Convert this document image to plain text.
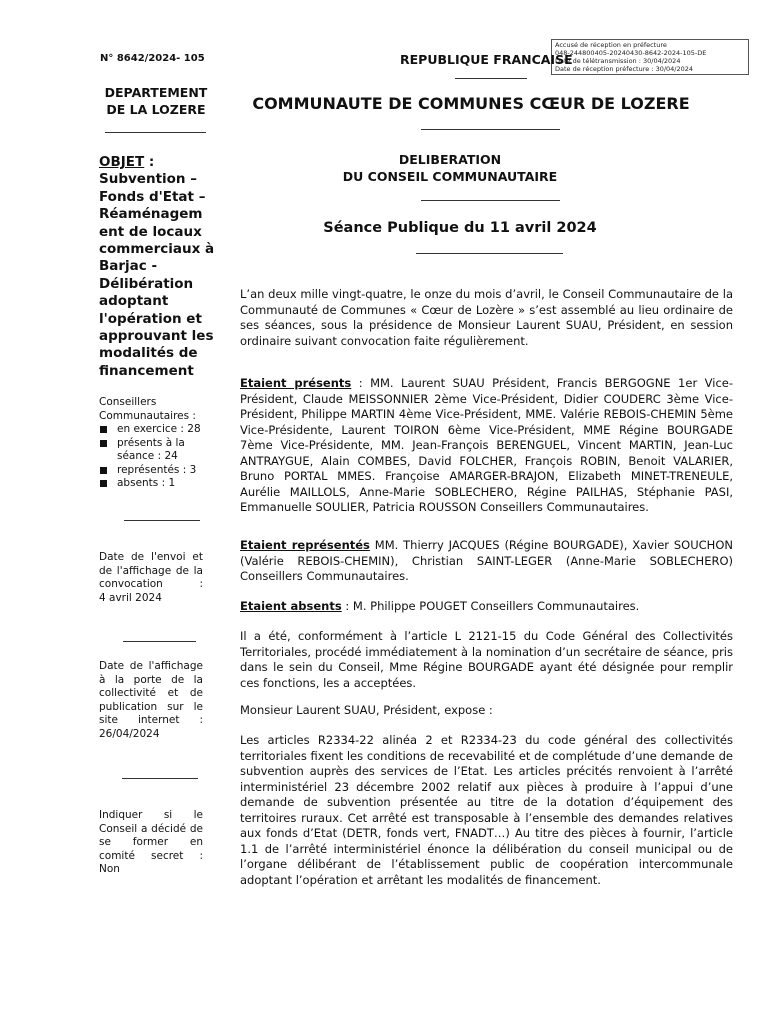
Accusé de réception en préfecture
048-244800405-20240430-8642-2024-105-DE
Date de télétransmission : 30/04/2024
Date de réception préfecture : 30/04/2024
N° 8642/2024- 105	REPUBLIQUE FRANCAISE
DEPARTEMENT
DE LA LOZERE	COMMUNAUTE DE COMMUNES CŒUR DE LOZERE
DELIBERATION
DU CONSEIL COMMUNAUTAIRE
Séance Publique du 11 avril 2024
OBJET : Subvention – Fonds d'Etat – Réaménagem ent de locaux commerciaux à Barjac - Délibération adoptant l'opération et approuvant les modalités de financement
Conseillers Communautaires :
en exercice : 28
présents à la séance : 24
représentés : 3
absents : 1
Date de l'envoi et de l'affichage de la convocation :
4 avril 2024
Date de l'affichage à la porte de la collectivité et de publication sur le site internet :
26/04/2024
Indiquer si le Conseil a décidé de se former en comité secret :
Non

L’an deux mille vingt-quatre, le onze du mois d’avril, le Conseil Communautaire de la Communauté de Communes « Cœur de Lozère » s’est assemblé au lieu ordinaire de ses séances, sous la présidence de Monsieur Laurent SUAU, Président, en session ordinaire suivant convocation faite régulièrement.

Etaient présents : MM. Laurent SUAU Président, Francis BERGOGNE 1er Vice-Président, Claude MEISSONNIER 2ème Vice-Président, Didier COUDERC 3ème Vice-Président, Philippe MARTIN 4ème Vice-Président, MME. Valérie REBOIS-CHEMIN 5ème Vice-Présidente, Laurent TOIRON 6ème Vice-Président, MME Régine BOURGADE 7ème Vice-Présidente, MM. Jean-François BERENGUEL, Vincent MARTIN, Jean-Luc ANTRAYGUE, Alain COMBES, David FOLCHER, François ROBIN, Benoit VALARIER, Bruno PORTAL MMES. Françoise AMARGER-BRAJON, Elizabeth MINET-TRENEULE, Aurélie MAILLOLS, Anne-Marie SOBLECHERO, Régine PAILHAS, Stéphanie PASI, Emmanuelle SOULIER, Patricia ROUSSON Conseillers Communautaires.

Etaient représentés MM. Thierry JACQUES (Régine BOURGADE), Xavier SOUCHON (Valérie REBOIS-CHEMIN), Christian SAINT-LEGER (Anne-Marie SOBLECHERO) Conseillers Communautaires.

Etaient absents : M. Philippe POUGET Conseillers Communautaires.

Il a été, conformément à l’article L 2121-15 du Code Général des Collectivités Territoriales, procédé immédiatement à la nomination d’un secrétaire de séance, pris dans le sein du Conseil, Mme Régine BOURGADE ayant été désignée pour remplir ces fonctions, les a acceptées.

Monsieur Laurent SUAU, Président, expose :

Les articles R2334-22 alinéa 2 et R2334-23 du code général des collectivités territoriales fixent les conditions de recevabilité et de complétude d’une demande de subvention auprès des services de l’Etat. Les articles précités renvoient à l’arrêté interministériel 23 décembre 2002 relatif aux pièces à produire à l’appui d’une demande de subvention présentée au titre de la dotation d’équipement des territoires ruraux. Cet arrêté est transposable à l’ensemble des demandes relatives aux fonds d’Etat (DETR, fonds vert, FNADT…) Au titre des pièces à fournir, l’article 1.1 de l’arrêté interministériel énonce la délibération du conseil municipal ou de l’organe délibérant de l’établissement public de coopération intercommunale adoptant l’opération et arrêtant les modalités de financement.
